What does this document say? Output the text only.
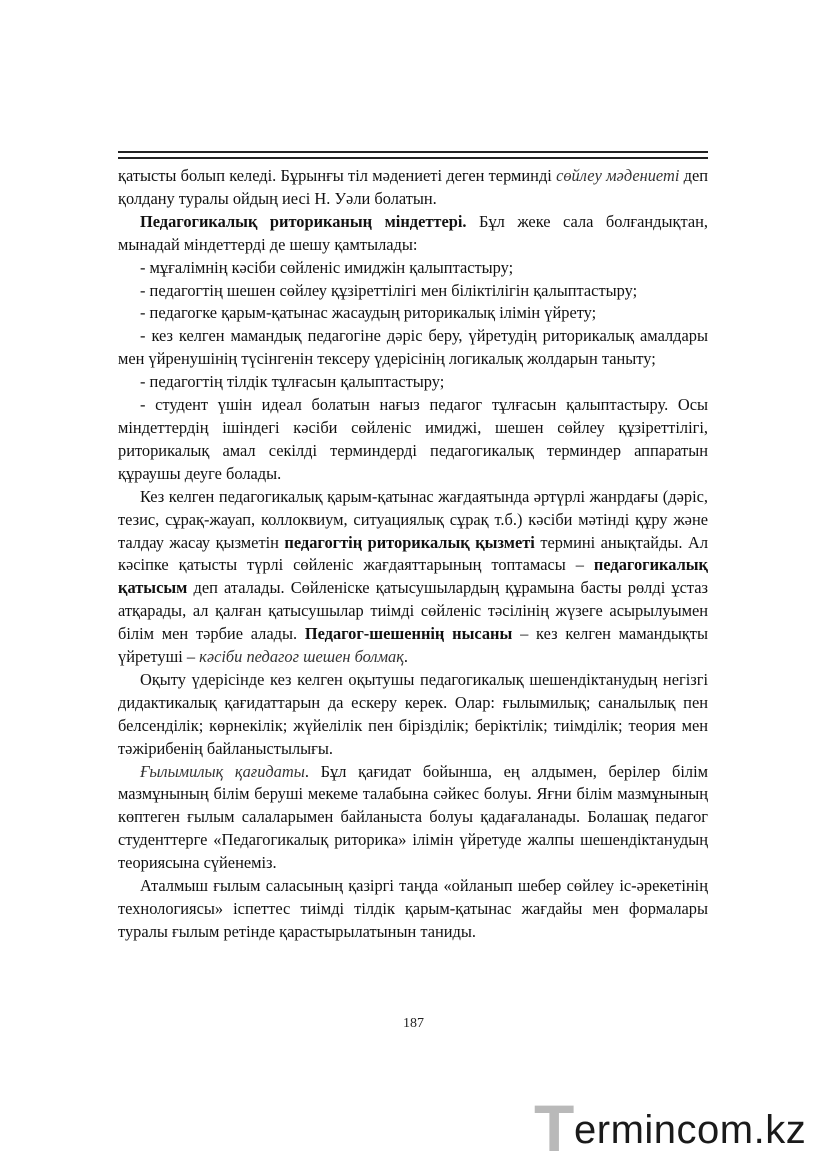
қатысты болып келеді. Бұрынғы тіл мәдениеті деген терминді сөйлеу мәдениеті деп қолдану туралы ойдың иесі Н. Уәли болатын.

Педагогикалық риториканың міндеттері. Бұл жеке сала болғандықтан, мынадай міндеттерді де шешу қамтылады:

- мұғалімнің кәсіби сөйленіс имиджін қалыптастыру;

- педагогтің шешен сөйлеу құзіреттілігі мен біліктілігін қалыптастыру;

- педагогке қарым-қатынас жасаудың риторикалық ілімін үйрету;

- кез келген мамандық педагогіне дәріс беру, үйретудің риторикалық амалдары мен үйренушінің түсінгенін тексеру үдерісінің логикалық жолдарын таныту;

- педагогтің тілдік тұлғасын қалыптастыру;

- студент үшін идеал болатын нағыз педагог тұлғасын қалыптастыру. Осы міндеттердің ішіндегі кәсіби сөйленіс имиджі, шешен сөйлеу құзіреттілігі, риторикалық амал секілді терминдерді педагогикалық терминдер аппаратын құраушы деуге болады.

Кез келген педагогикалық қарым-қатынас жағдаятында әртүрлі жанрдағы (дәріс, тезис, сұрақ-жауап, коллоквиум, ситуациялық сұрақ т.б.) кәсіби мәтінді құру және талдау жасау қызметін педагогтің риторикалық қызметі термині анықтайды. Ал кәсіпке қатысты түрлі сөйленіс жағдаяттарының топтамасы – педагогикалық қатысым деп аталады. Сөйленіске қатысушылардың құрамына басты рөлді ұстаз атқарады, ал қалған қатысушылар тиімді сөйленіс тәсілінің жүзеге асырылуымен білім мен тәрбие алады. Педагог-шешеннің нысаны – кез келген мамандықты үйретуші – кәсіби педагог шешен болмақ.

Оқыту үдерісінде кез келген оқытушы педагогикалық шешендіктанудың негізгі дидактикалық қағидаттарын да ескеру керек. Олар: ғылымилық; саналылық пен белсенділік; көрнекілік; жүйелілік пен бірізділік; беріктілік; тиімділік; теория мен тәжірибенің байланыстылығы.

Ғылымилық қағидаты. Бұл қағидат бойынша, ең алдымен, берілер білім мазмұнының білім беруші мекеме талабына сәйкес болуы. Яғни білім мазмұнының көптеген ғылым салаларымен байланыста болуы қадағаланады. Болашақ педагог студенттерге «Педагогикалық риторика» ілімін үйретуде жалпы шешендіктанудың теориясына сүйенеміз.

Аталмыш ғылым саласының қазіргі таңда «ойланып шебер сөйлеу іс-әрекетінің технологиясы» іспеттес тиімді тілдік қарым-қатынас жағдайы мен формалары туралы ғылым ретінде қарастырылатынын таниды.

187
T ermincom.kz
